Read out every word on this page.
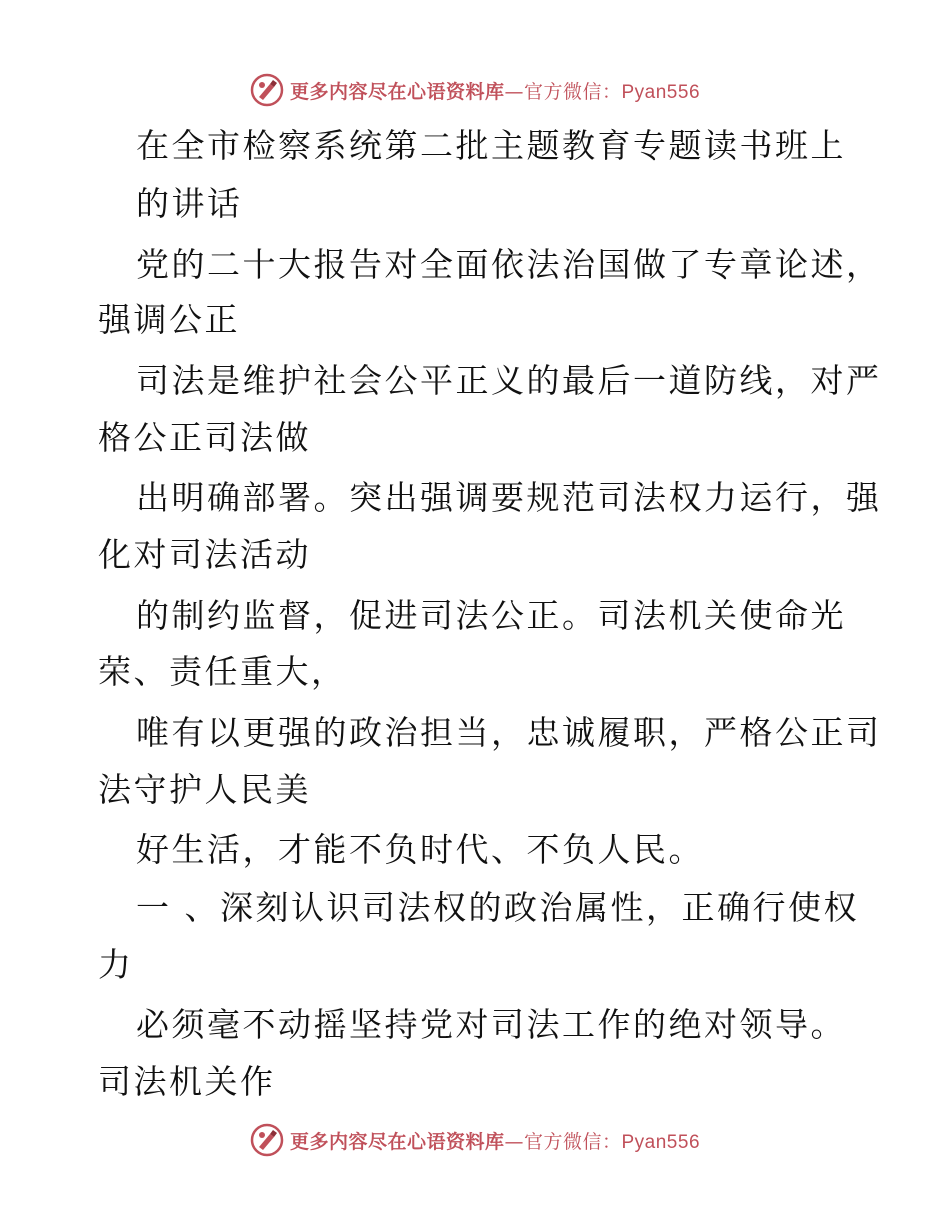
更多内容尽在心语资料库—官方微信：Pyan556
在全市检察系统第二批主题教育专题读书班上
的讲话
党的二十大报告对全面依法治国做了专章论述，
强调公正
司法是维护社会公平正义的最后一道防线，对严
格公正司法做
出明确部署。突出强调要规范司法权力运行，强
化对司法活动
的制约监督，促进司法公正。司法机关使命光
荣、责任重大，
唯有以更强的政治担当，忠诚履职，严格公正司
法守护人民美
好生活，才能不负时代、不负人民。
一 、深刻认识司法权的政治属性，正确行使权
力
必须毫不动摇坚持党对司法工作的绝对领导。
司法机关作
更多内容尽在心语资料库—官方微信：Pyan556
